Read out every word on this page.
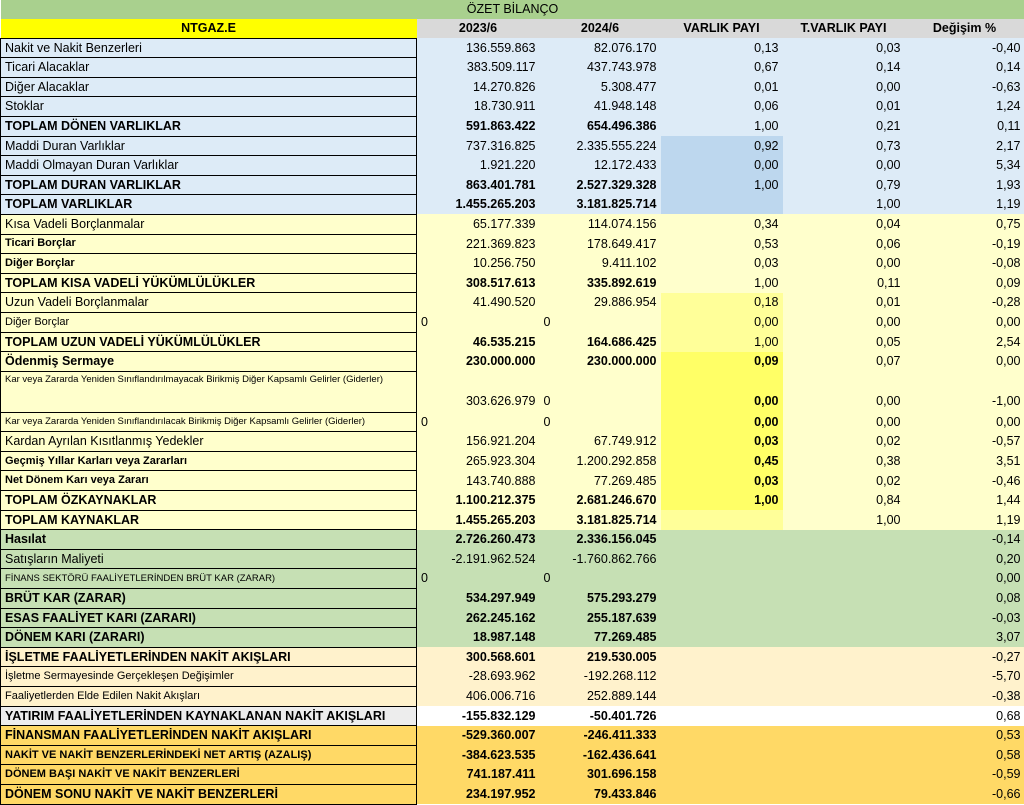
ÖZET BİLANÇO					
NTGAZ.E	2023/6	2024/6	VARLIK PAYI	T.VARLIK PAYI	Değişim %
Nakit ve Nakit Benzerleri	136.559.863	82.076.170	0,13	0,03	-0,40
Ticari Alacaklar	383.509.117	437.743.978	0,67	0,14	0,14
Diğer Alacaklar	14.270.826	5.308.477	0,01	0,00	-0,63
Stoklar	18.730.911	41.948.148	0,06	0,01	1,24
TOPLAM DÖNEN VARLIKLAR	591.863.422	654.496.386	1,00	0,21	0,11
Maddi Duran Varlıklar	737.316.825	2.335.555.224	0,92	0,73	2,17
Maddi Olmayan Duran Varlıklar	1.921.220	12.172.433	0,00	0,00	5,34
TOPLAM DURAN VARLIKLAR	863.401.781	2.527.329.328	1,00	0,79	1,93
TOPLAM VARLIKLAR	1.455.265.203	3.181.825.714		1,00	1,19
Kısa Vadeli Borçlanmalar	65.177.339	114.074.156	0,34	0,04	0,75
Ticari Borçlar	221.369.823	178.649.417	0,53	0,06	-0,19
Diğer Borçlar	10.256.750	9.411.102	0,03	0,00	-0,08
TOPLAM KISA VADELİ YÜKÜMLÜLÜKLER	308.517.613	335.892.619	1,00	0,11	0,09
Uzun Vadeli Borçlanmalar	41.490.520	29.886.954	0,18	0,01	-0,28
Diğer Borçlar	0	0	0,00	0,00	0,00
TOPLAM UZUN VADELİ YÜKÜMLÜLÜKLER	46.535.215	164.686.425	1,00	0,05	2,54
Ödenmiş Sermaye	230.000.000	230.000.000	0,09	0,07	0,00
Kar veya Zararda Yeniden Sınıflandırılmayacak Birikmiş Diğer Kapsamlı Gelirler (Giderler)	303.626.979	0	0,00	0,00	-1,00
Kar veya Zararda Yeniden Sınıflandırılacak Birikmiş Diğer Kapsamlı Gelirler (Giderler)	0	0	0,00	0,00	0,00
Kardan Ayrılan Kısıtlanmış Yedekler	156.921.204	67.749.912	0,03	0,02	-0,57
Geçmiş Yıllar Karları veya Zararları	265.923.304	1.200.292.858	0,45	0,38	3,51
Net Dönem Karı veya Zararı	143.740.888	77.269.485	0,03	0,02	-0,46
TOPLAM ÖZKAYNAKLAR	1.100.212.375	2.681.246.670	1,00	0,84	1,44
TOPLAM KAYNAKLAR	1.455.265.203	3.181.825.714		1,00	1,19
Hasılat	2.726.260.473	2.336.156.045			-0,14
Satışların Maliyeti	-2.191.962.524	-1.760.862.766			0,20
FİNANS SEKTÖRÜ FAALİYETLERİNDEN BRÜT KAR (ZARAR)	0	0			0,00
BRÜT KAR (ZARAR)	534.297.949	575.293.279			0,08
ESAS FAALİYET KARI (ZARARI)	262.245.162	255.187.639			-0,03
DÖNEM KARI (ZARARI)	18.987.148	77.269.485			3,07
İŞLETME FAALİYETLERİNDEN NAKİT AKIŞLARI	300.568.601	219.530.005			-0,27
İşletme Sermayesinde Gerçekleşen Değişimler	-28.693.962	-192.268.112			-5,70
Faaliyetlerden Elde Edilen Nakit Akışları	406.006.716	252.889.144			-0,38
YATIRIM FAALİYETLERİNDEN KAYNAKLANAN NAKİT AKIŞLARI	-155.832.129	-50.401.726			0,68
FİNANSMAN FAALİYETLERİNDEN NAKİT AKIŞLARI	-529.360.007	-246.411.333			0,53
NAKİT VE NAKİT BENZERLERİNDEKİ NET ARTIŞ (AZALIŞ)	-384.623.535	-162.436.641			0,58
DÖNEM BAŞI NAKİT VE NAKİT BENZERLERİ	741.187.411	301.696.158			-0,59
DÖNEM SONU NAKİT VE NAKİT BENZERLERİ	234.197.952	79.433.846			-0,66
